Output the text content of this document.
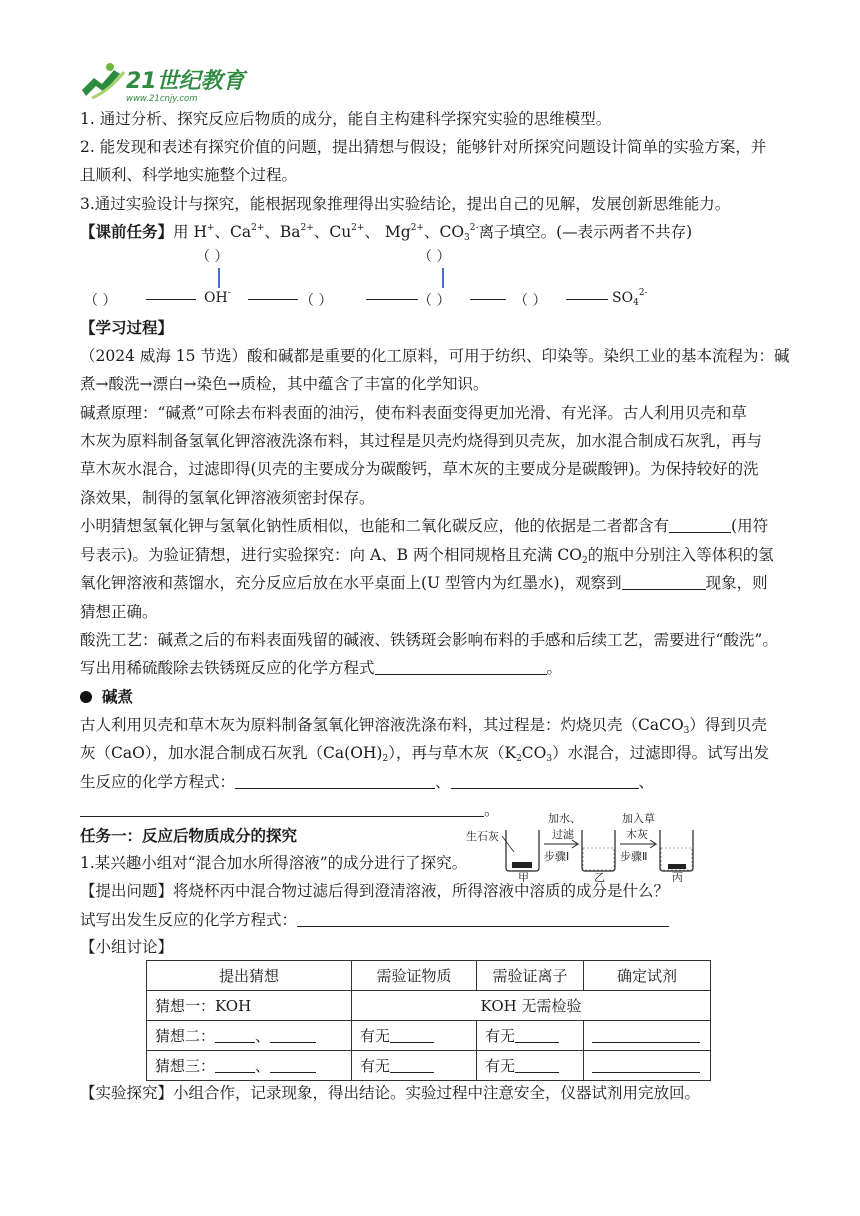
21世纪教育
www.21cnjy.com
1. 通过分析、探究反应后物质的成分，能自主构建科学探究实验的思维模型。
2. 能发现和表述有探究价值的问题，提出猜想与假设；能够针对所探究问题设计简单的实验方案，并
且顺利、科学地实施整个过程。
3.通过实验设计与探究，能根据现象推理得出实验结论，提出自己的见解，发展创新思维能力。
【课前任务】用 H+、$Ca^{2+}$、$Ba^{2+}$、$Cu^{2+}$、 $Mg^{2+}$、$CO_3^{2-}$离子填空。(—表示两者不共存)
（ ）	（ ）
（ ）	OH-	（ ）	（ ）	（ ）	$SO_4^{2-}$
【学习过程】
（2024 威海 15 节选）酸和碱都是重要的化工原料，可用于纺织、印染等。染织工业的基本流程为：碱
煮→酸洗→漂白→染色→质检，其中蕴含了丰富的化学知识。
碱煮原理：“碱煮”可除去布料表面的油污，使布料表面变得更加光滑、有光泽。古人利用贝壳和草
木灰为原料制备氢氧化钾溶液洗涤布料，其过程是贝壳灼烧得到贝壳灰，加水混合制成石灰乳，再与
草木灰水混合，过滤即得(贝壳的主要成分为碳酸钙，草木灰的主要成分是碳酸钾)。为保持较好的洗
涤效果，制得的氢氧化钾溶液须密封保存。
小明猜想氢氧化钾与氢氧化钠性质相似，也能和二氧化碳反应，他的依据是二者都含有	(用符
号表示)。为验证猜想，进行实验探究：向 A、B 两个相同规格且充满 $CO_2$的瓶中分别注入等体积的氢
氧化钾溶液和蒸馏水，充分反应后放在水平桌面上(U 型管内为红墨水)，观察到	现象，则
猜想正确。
酸洗工艺：碱煮之后的布料表面残留的碱液、铁锈斑会影响布料的手感和后续工艺，需要进行“酸洗”。
写出用稀硫酸除去铁锈斑反应的化学方程式	。
碱煮
古人利用贝壳和草木灰为原料制备氢氧化钾溶液洗涤布料，其过程是：灼烧贝壳（CaCO$_3$）得到贝壳
灰（CaO），加水混合制成石灰乳$(Ca(OH)_2)$，再与草木灰$(K_2CO_3)$水混合，过滤即得。试写出发
生反应的化学方程式：	、	、
。
任务一：反应后物质成分的探究
1.某兴趣小组对“混合加水所得溶液”的成分进行了探究。
生石灰
甲
加水、
过滤
步骤Ⅰ
乙
加入草
木灰
步骤Ⅱ
丙
【提出问题】将烧杯丙中混合物过滤后得到澄清溶液，所得溶液中溶质的成分是什么？
试写出发生反应的化学方程式：
【小组讨论】
提出猜想	需验证物质	需验证离子	确定试剂
猜想一：KOH	KOH 无需检验		
猜想二： 、	有无	有无	
猜想三： 、	有无	有无	
【实验探究】小组合作，记录现象，得出结论。实验过程中注意安全，仪器试剂用完放回。
